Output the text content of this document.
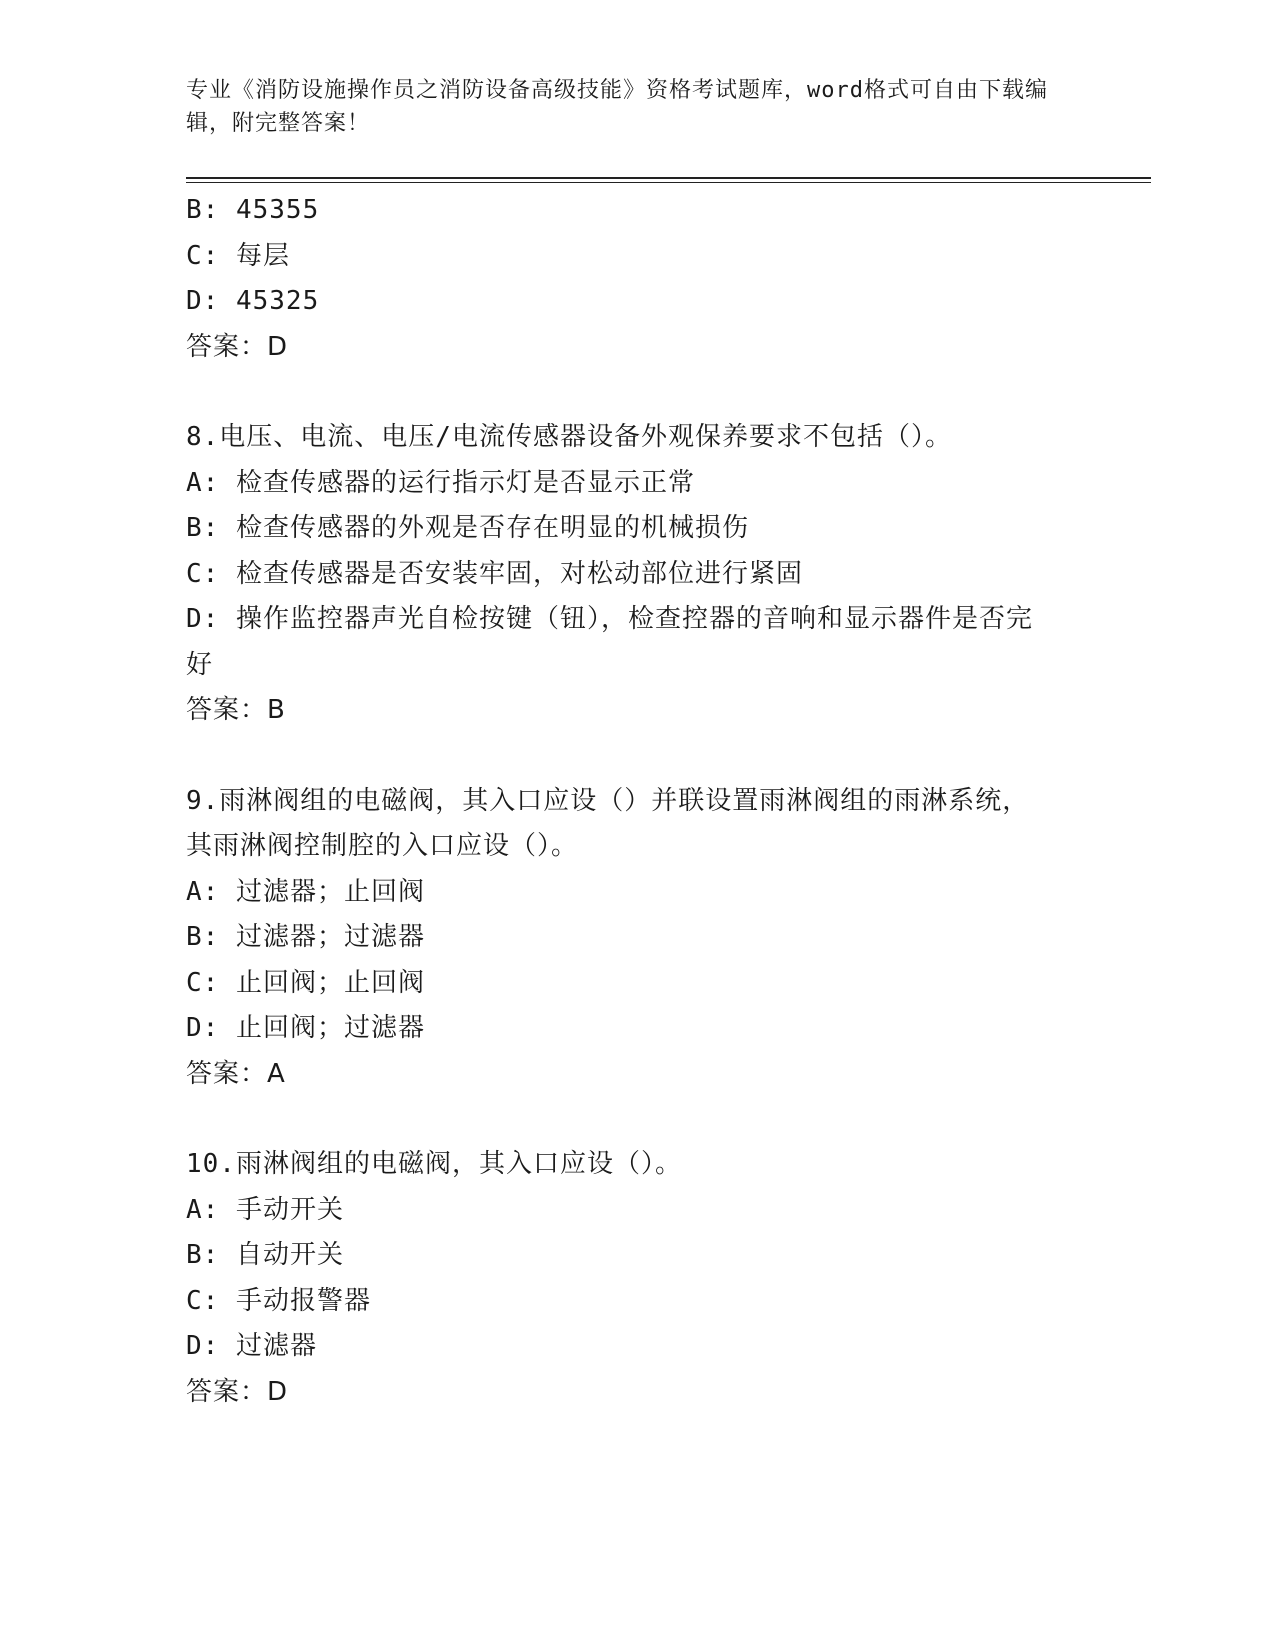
专业《消防设施操作员之消防设备高级技能》资格考试题库，word格式可自由下载编辑，附完整答案！
B: 45355
C: 每层
D: 45325
答案：D
8.电压、电流、电压/电流传感器设备外观保养要求不包括（）。
A: 检查传感器的运行指示灯是否显示正常
B: 检查传感器的外观是否存在明显的机械损伤
C: 检查传感器是否安装牢固，对松动部位进行紧固
D: 操作监控器声光自检按键（钮），检查控器的音响和显示器件是否完好
答案：B
9.雨淋阀组的电磁阀，其入口应设（）并联设置雨淋阀组的雨淋系统，其雨淋阀控制腔的入口应设（）。
A: 过滤器；止回阀
B: 过滤器；过滤器
C: 止回阀；止回阀
D: 止回阀；过滤器
答案：A
10.雨淋阀组的电磁阀，其入口应设（）。
A: 手动开关
B: 自动开关
C: 手动报警器
D: 过滤器
答案：D
